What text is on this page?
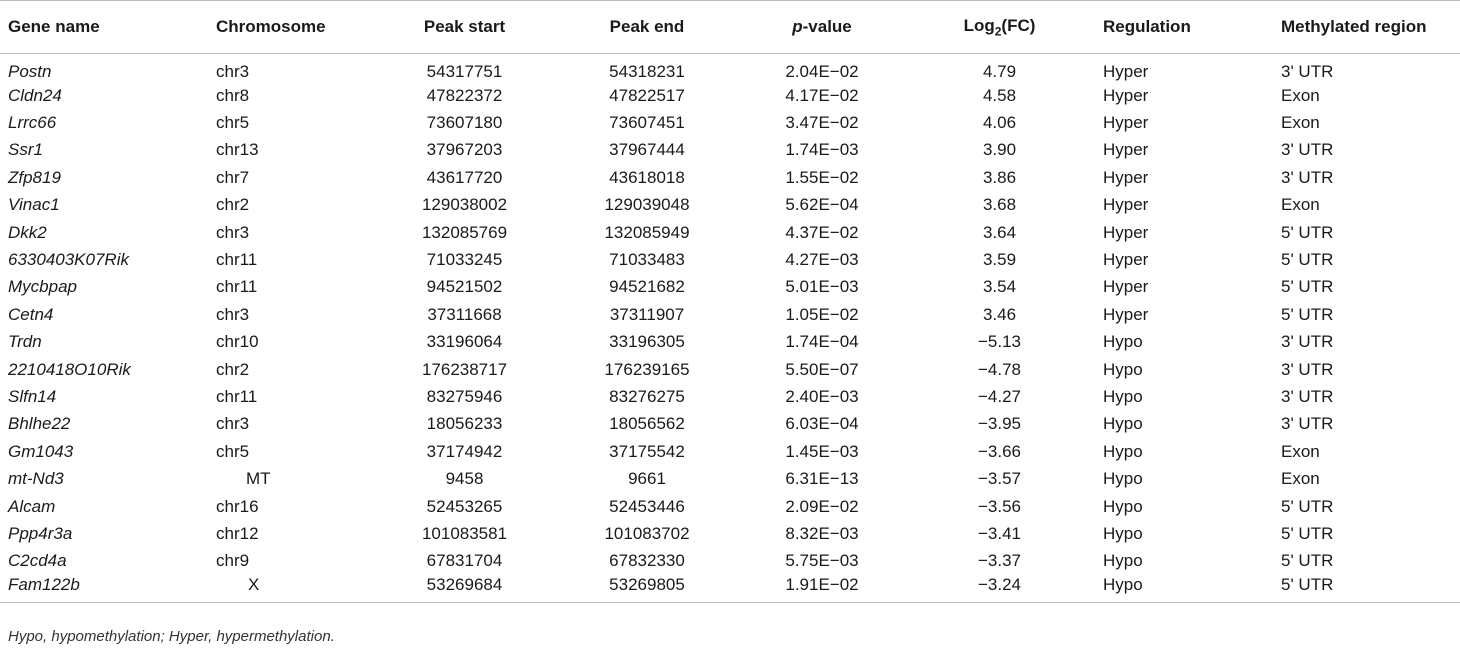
Gene name	Chromosome	Peak start	Peak end	p-value	Log$_2$(FC)	Regulation	Methylated region
Postn	chr3	54317751	54318231	2.04E−02	4.79	Hyper	3' UTR
Cldn24	chr8	47822372	47822517	4.17E−02	4.58	Hyper	Exon
Lrrc66	chr5	73607180	73607451	3.47E−02	4.06	Hyper	Exon
Ssr1	chr13	37967203	37967444	1.74E−03	3.90	Hyper	3' UTR
Zfp819	chr7	43617720	43618018	1.55E−02	3.86	Hyper	3' UTR
Vinac1	chr2	129038002	129039048	5.62E−04	3.68	Hyper	Exon
Dkk2	chr3	132085769	132085949	4.37E−02	3.64	Hyper	5' UTR
6330403K07Rik	chr11	71033245	71033483	4.27E−03	3.59	Hyper	5' UTR
Mycbpap	chr11	94521502	94521682	5.01E−03	3.54	Hyper	5' UTR
Cetn4	chr3	37311668	37311907	1.05E−02	3.46	Hyper	5' UTR
Trdn	chr10	33196064	33196305	1.74E−04	−5.13	Hypo	3' UTR
2210418O10Rik	chr2	176238717	176239165	5.50E−07	−4.78	Hypo	3' UTR
Slfn14	chr11	83275946	83276275	2.40E−03	−4.27	Hypo	3' UTR
Bhlhe22	chr3	18056233	18056562	6.03E−04	−3.95	Hypo	3' UTR
Gm1043	chr5	37174942	37175542	1.45E−03	−3.66	Hypo	Exon
mt-Nd3	MT	9458	9661	6.31E−13	−3.57	Hypo	Exon
Alcam	chr16	52453265	52453446	2.09E−02	−3.56	Hypo	5' UTR
Ppp4r3a	chr12	101083581	101083702	8.32E−03	−3.41	Hypo	5' UTR
C2cd4a	chr9	67831704	67832330	5.75E−03	−3.37	Hypo	5' UTR
Fam122b	X	53269684	53269805	1.91E−02	−3.24	Hypo	5' UTR
Hypo, hypomethylation; Hyper, hypermethylation.
